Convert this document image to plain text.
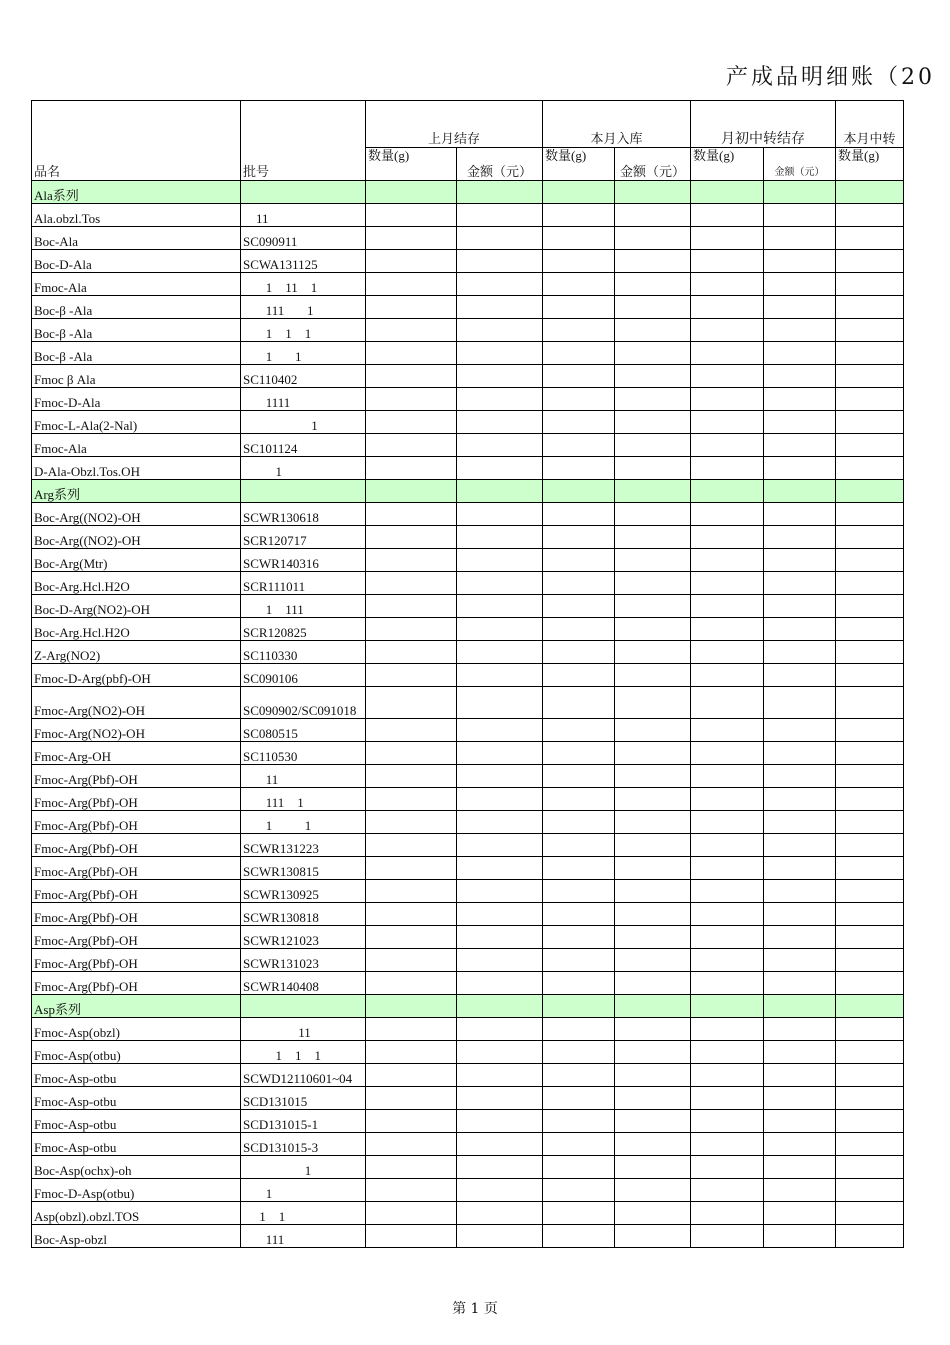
产成品明细账（20
品名	批号	上月结存		本月入库		月初中转结存		本月中转
		数量(g)	金额（元）	数量(g)	金额（元）	数量(g)	金额（元）	数量(g)
Ala系列								
Ala.obzl.Tos	11							
Boc-Ala	SC090911							
Boc-D-Ala	SCWA131125							
Fmoc-Ala	1    11    1							
Boc-β -Ala	111       1							
Boc-β -Ala	1    1    1							
Boc-β -Ala	1       1							
Fmoc β Ala	SC110402							
Fmoc-D-Ala	1111							
Fmoc-L-Ala(2-Nal)	1							
Fmoc-Ala	SC101124							
D-Ala-Obzl.Tos.OH	1							
Arg系列								
Boc-Arg((NO2)-OH	SCWR130618							
Boc-Arg((NO2)-OH	SCR120717							
Boc-Arg(Mtr)	SCWR140316							
Boc-Arg.Hcl.H2O	SCR111011							
Boc-D-Arg(NO2)-OH	1    111							
Boc-Arg.Hcl.H2O	SCR120825							
Z-Arg(NO2)	SC110330							
Fmoc-D-Arg(pbf)-OH	SC090106							
Fmoc-Arg(NO2)-OH	SC090902/SC091018							
Fmoc-Arg(NO2)-OH	SC080515							
Fmoc-Arg-OH	SC110530							
Fmoc-Arg(Pbf)-OH	11							
Fmoc-Arg(Pbf)-OH	111    1							
Fmoc-Arg(Pbf)-OH	1          1							
Fmoc-Arg(Pbf)-OH	SCWR131223							
Fmoc-Arg(Pbf)-OH	SCWR130815							
Fmoc-Arg(Pbf)-OH	SCWR130925							
Fmoc-Arg(Pbf)-OH	SCWR130818							
Fmoc-Arg(Pbf)-OH	SCWR121023							
Fmoc-Arg(Pbf)-OH	SCWR131023							
Fmoc-Arg(Pbf)-OH	SCWR140408							
Asp系列								
Fmoc-Asp(obzl)	11							
Fmoc-Asp(otbu)	1    1    1							
Fmoc-Asp-otbu	SCWD12110601~04							
Fmoc-Asp-otbu	SCD131015							
Fmoc-Asp-otbu	SCD131015-1							
Fmoc-Asp-otbu	SCD131015-3							
Boc-Asp(ochx)-oh	1							
Fmoc-D-Asp(otbu)	1							
Asp(obzl).obzl.TOS	1    1							
Boc-Asp-obzl	111							
第 1 页
